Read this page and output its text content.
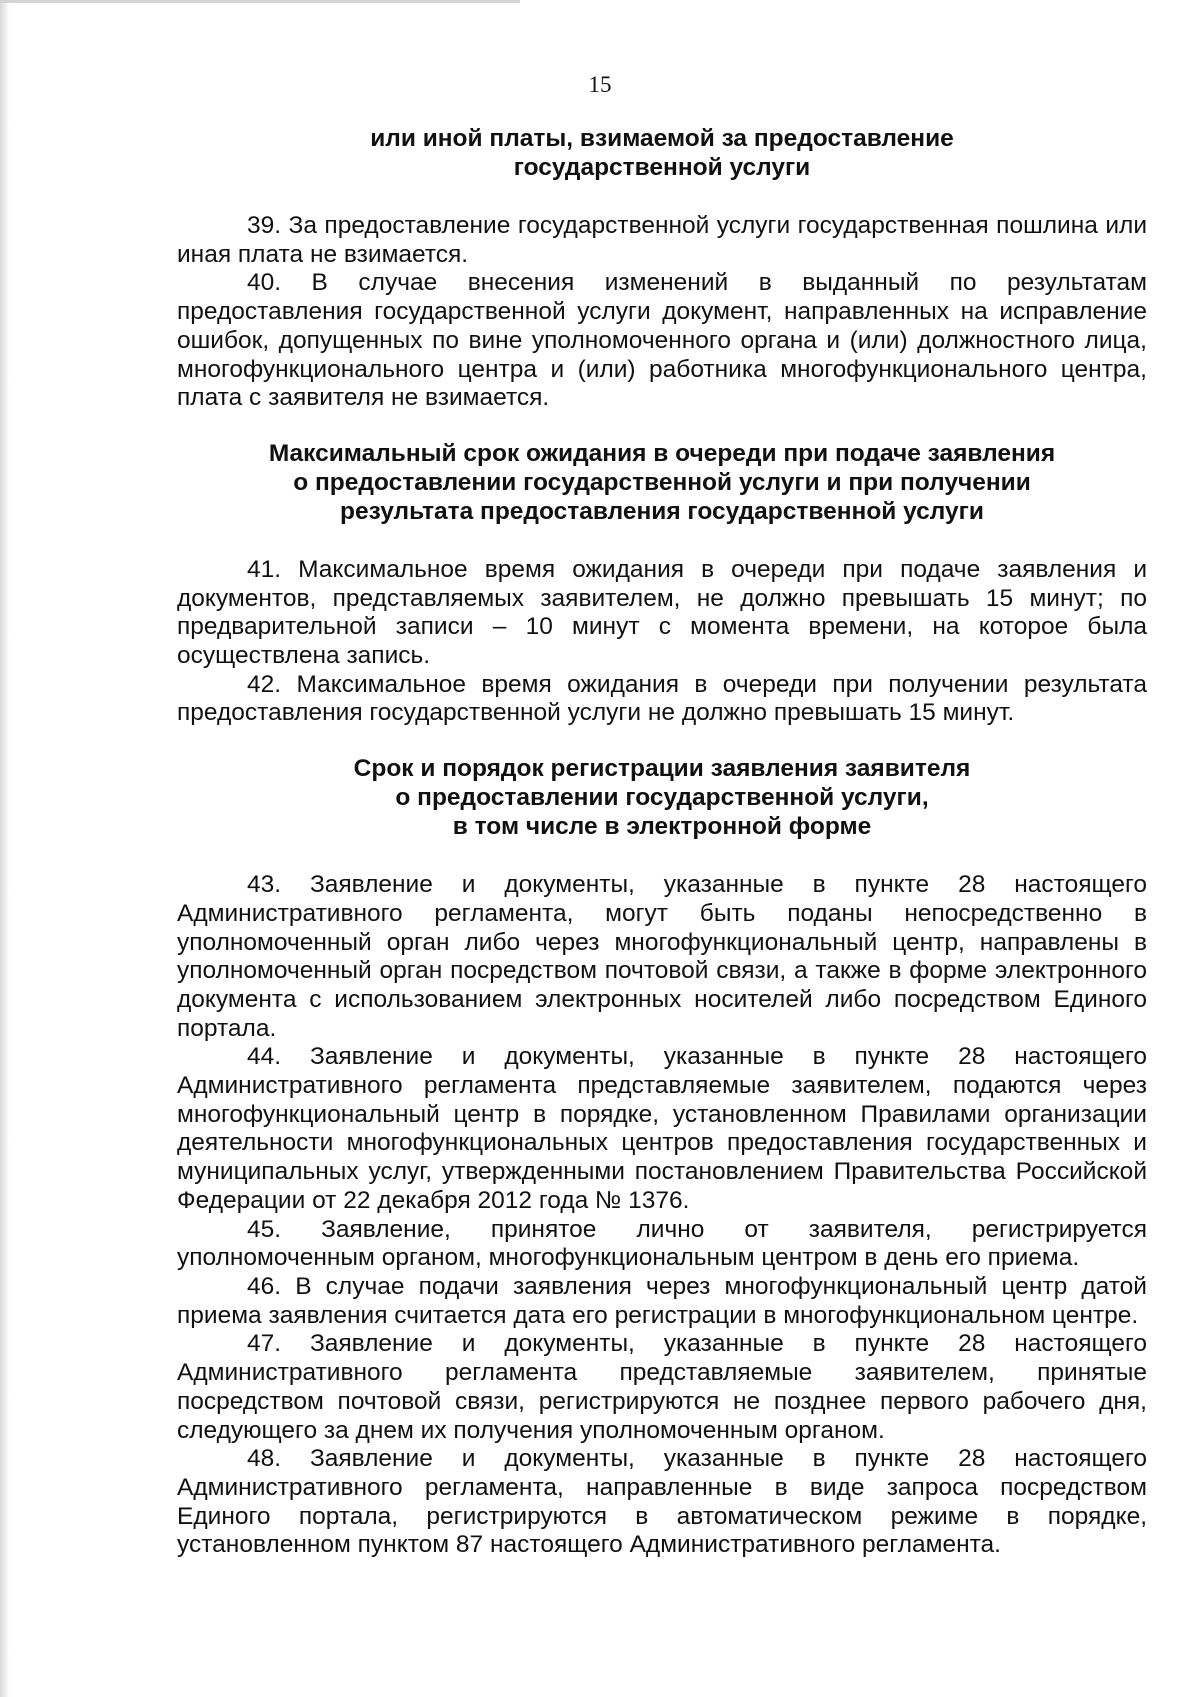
15
или иной платы, взимаемой за предоставление
государственной услуги

39. За предоставление государственной услуги государственная пошлина или иная плата не взимается.

40. В случае внесения изменений в выданный по результатам предоставления государственной услуги документ, направленных на исправление ошибок, допущенных по вине уполномоченного органа и (или) должностного лица, многофункционального центра и (или) работника многофункционального центра, плата с заявителя не взимается.

Максимальный срок ожидания в очереди при подаче заявления
о предоставлении государственной услуги и при получении
результата предоставления государственной услуги

41. Максимальное время ожидания в очереди при подаче заявления и документов, представляемых заявителем, не должно превышать 15 минут; по предварительной записи – 10 минут с момента времени, на которое была осуществлена запись.

42. Максимальное время ожидания в очереди при получении результата предоставления государственной услуги не должно превышать 15 минут.

Срок и порядок регистрации заявления заявителя
о предоставлении государственной услуги,
в том числе в электронной форме

43. Заявление и документы, указанные в пункте 28 настоящего Административного регламента, могут быть поданы непосредственно в уполномоченный орган либо через многофункциональный центр, направлены в уполномоченный орган посредством почтовой связи, а также в форме электронного документа с использованием электронных носителей либо посредством Единого портала.

44. Заявление и документы, указанные в пункте 28 настоящего Административного регламента представляемые заявителем, подаются через многофункциональный центр в порядке, установленном Правилами организации деятельности многофункциональных центров предоставления государственных и муниципальных услуг, утвержденными постановлением Правительства Российской Федерации от 22 декабря 2012 года № 1376.

45. Заявление, принятое лично от заявителя, регистрируется уполномоченным органом, многофункциональным центром в день его приема.

46. В случае подачи заявления через многофункциональный центр датой приема заявления считается дата его регистрации в многофункциональном центре.

47. Заявление и документы, указанные в пункте 28 настоящего Административного регламента представляемые заявителем, принятые посредством почтовой связи, регистрируются не позднее первого рабочего дня, следующего за днем их получения уполномоченным органом.

48. Заявление и документы, указанные в пункте 28 настоящего Административного регламента, направленные в виде запроса посредством Единого портала, регистрируются в автоматическом режиме в порядке, установленном пунктом 87 настоящего Административного регламента.
